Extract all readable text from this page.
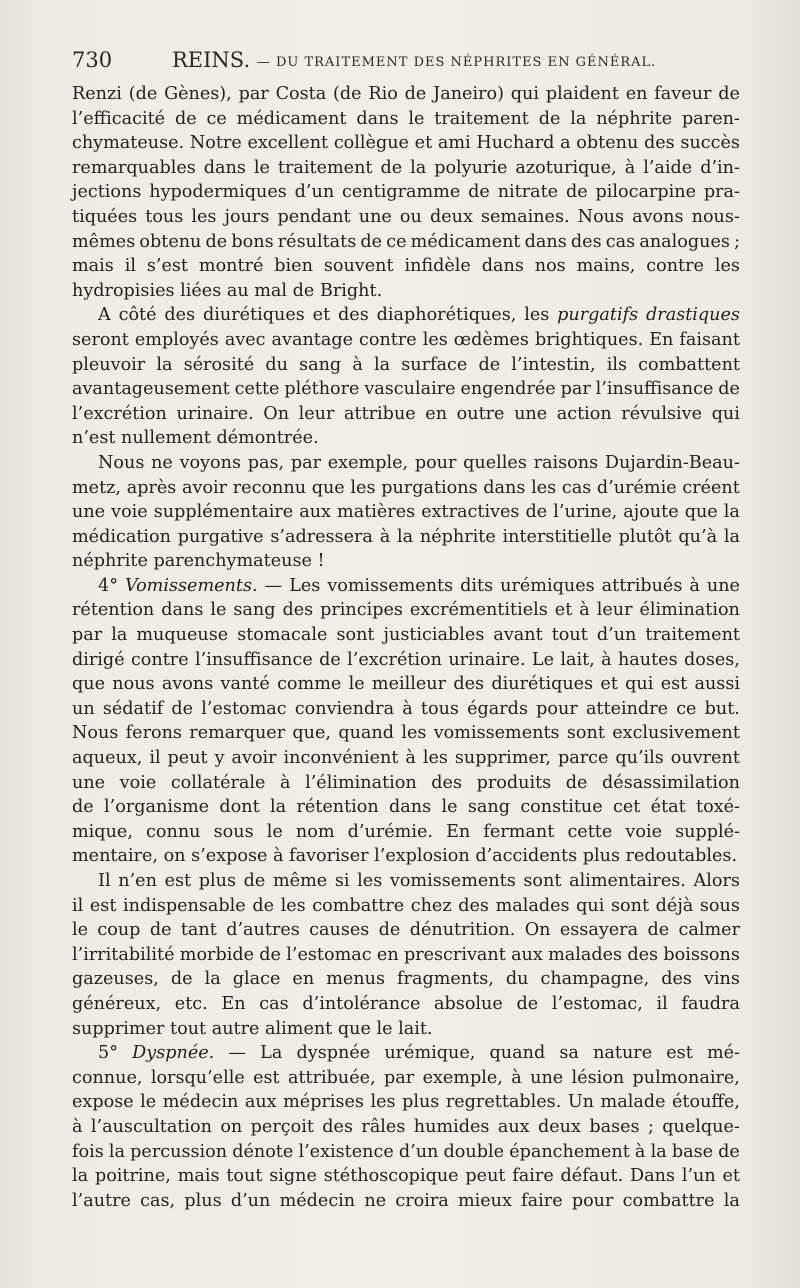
730	REINS. — DU TRAITEMENT DES NÉPHRITES EN GÉNÉRAL.
Renzi (de Gènes), par Costa (de Rio de Janeiro) qui plaident en faveur de
l’efficacité de ce médicament dans le traitement de la néphrite paren-
chymateuse. Notre excellent collègue et ami Huchard a obtenu des succès
remarquables dans le traitement de la polyurie azoturique, à l’aide d’in-
jections hypodermiques d’un centigramme de nitrate de pilocarpine pra-
tiquées tous les jours pendant une ou deux semaines. Nous avons nous-
mêmes obtenu de bons résultats de ce médicament dans des cas analogues ;
mais il s’est montré bien souvent infidèle dans nos mains, contre les
hydropisies liées au mal de Bright.
A côté des diurétiques et des diaphorétiques, les purgatifs drastiques
seront employés avec avantage contre les œdèmes brightiques. En faisant
pleuvoir la sérosité du sang à la surface de l’intestin, ils combattent
avantageusement cette pléthore vasculaire engendrée par l’insuffisance de
l’excrétion urinaire. On leur attribue en outre une action révulsive qui
n’est nullement démontrée.
Nous ne voyons pas, par exemple, pour quelles raisons Dujardin-Beau-
metz, après avoir reconnu que les purgations dans les cas d’urémie créent
une voie supplémentaire aux matières extractives de l’urine, ajoute que la
médication purgative s’adressera à la néphrite interstitielle plutôt qu’à la
néphrite parenchymateuse !
4° Vomissements. — Les vomissements dits urémiques attribués à une
rétention dans le sang des principes excrémentitiels et à leur élimination
par la muqueuse stomacale sont justiciables avant tout d’un traitement
dirigé contre l’insuffisance de l’excrétion urinaire. Le lait, à hautes doses,
que nous avons vanté comme le meilleur des diurétiques et qui est aussi
un sédatif de l’estomac conviendra à tous égards pour atteindre ce but.
Nous ferons remarquer que, quand les vomissements sont exclusivement
aqueux, il peut y avoir inconvénient à les supprimer, parce qu’ils ouvrent
une voie collatérale à l’élimination des produits de désassimilation
de l’organisme dont la rétention dans le sang constitue cet état toxé-
mique, connu sous le nom d’urémie. En fermant cette voie supplé-
mentaire, on s’expose à favoriser l’explosion d’accidents plus redoutables.
Il n’en est plus de même si les vomissements sont alimentaires. Alors
il est indispensable de les combattre chez des malades qui sont déjà sous
le coup de tant d’autres causes de dénutrition. On essayera de calmer
l’irritabilité morbide de l’estomac en prescrivant aux malades des boissons
gazeuses, de la glace en menus fragments, du champagne, des vins
généreux, etc. En cas d’intolérance absolue de l’estomac, il faudra
supprimer tout autre aliment que le lait.
5° Dyspnée. — La dyspnée urémique, quand sa nature est mé-
connue, lorsqu’elle est attribuée, par exemple, à une lésion pulmonaire,
expose le médecin aux méprises les plus regrettables. Un malade étouffe,
à l’auscultation on perçoit des râles humides aux deux bases ; quelque-
fois la percussion dénote l’existence d’un double épanchement à la base de
la poitrine, mais tout signe stéthoscopique peut faire défaut. Dans l’un et
l’autre cas, plus d’un médecin ne croira mieux faire pour combattre la
